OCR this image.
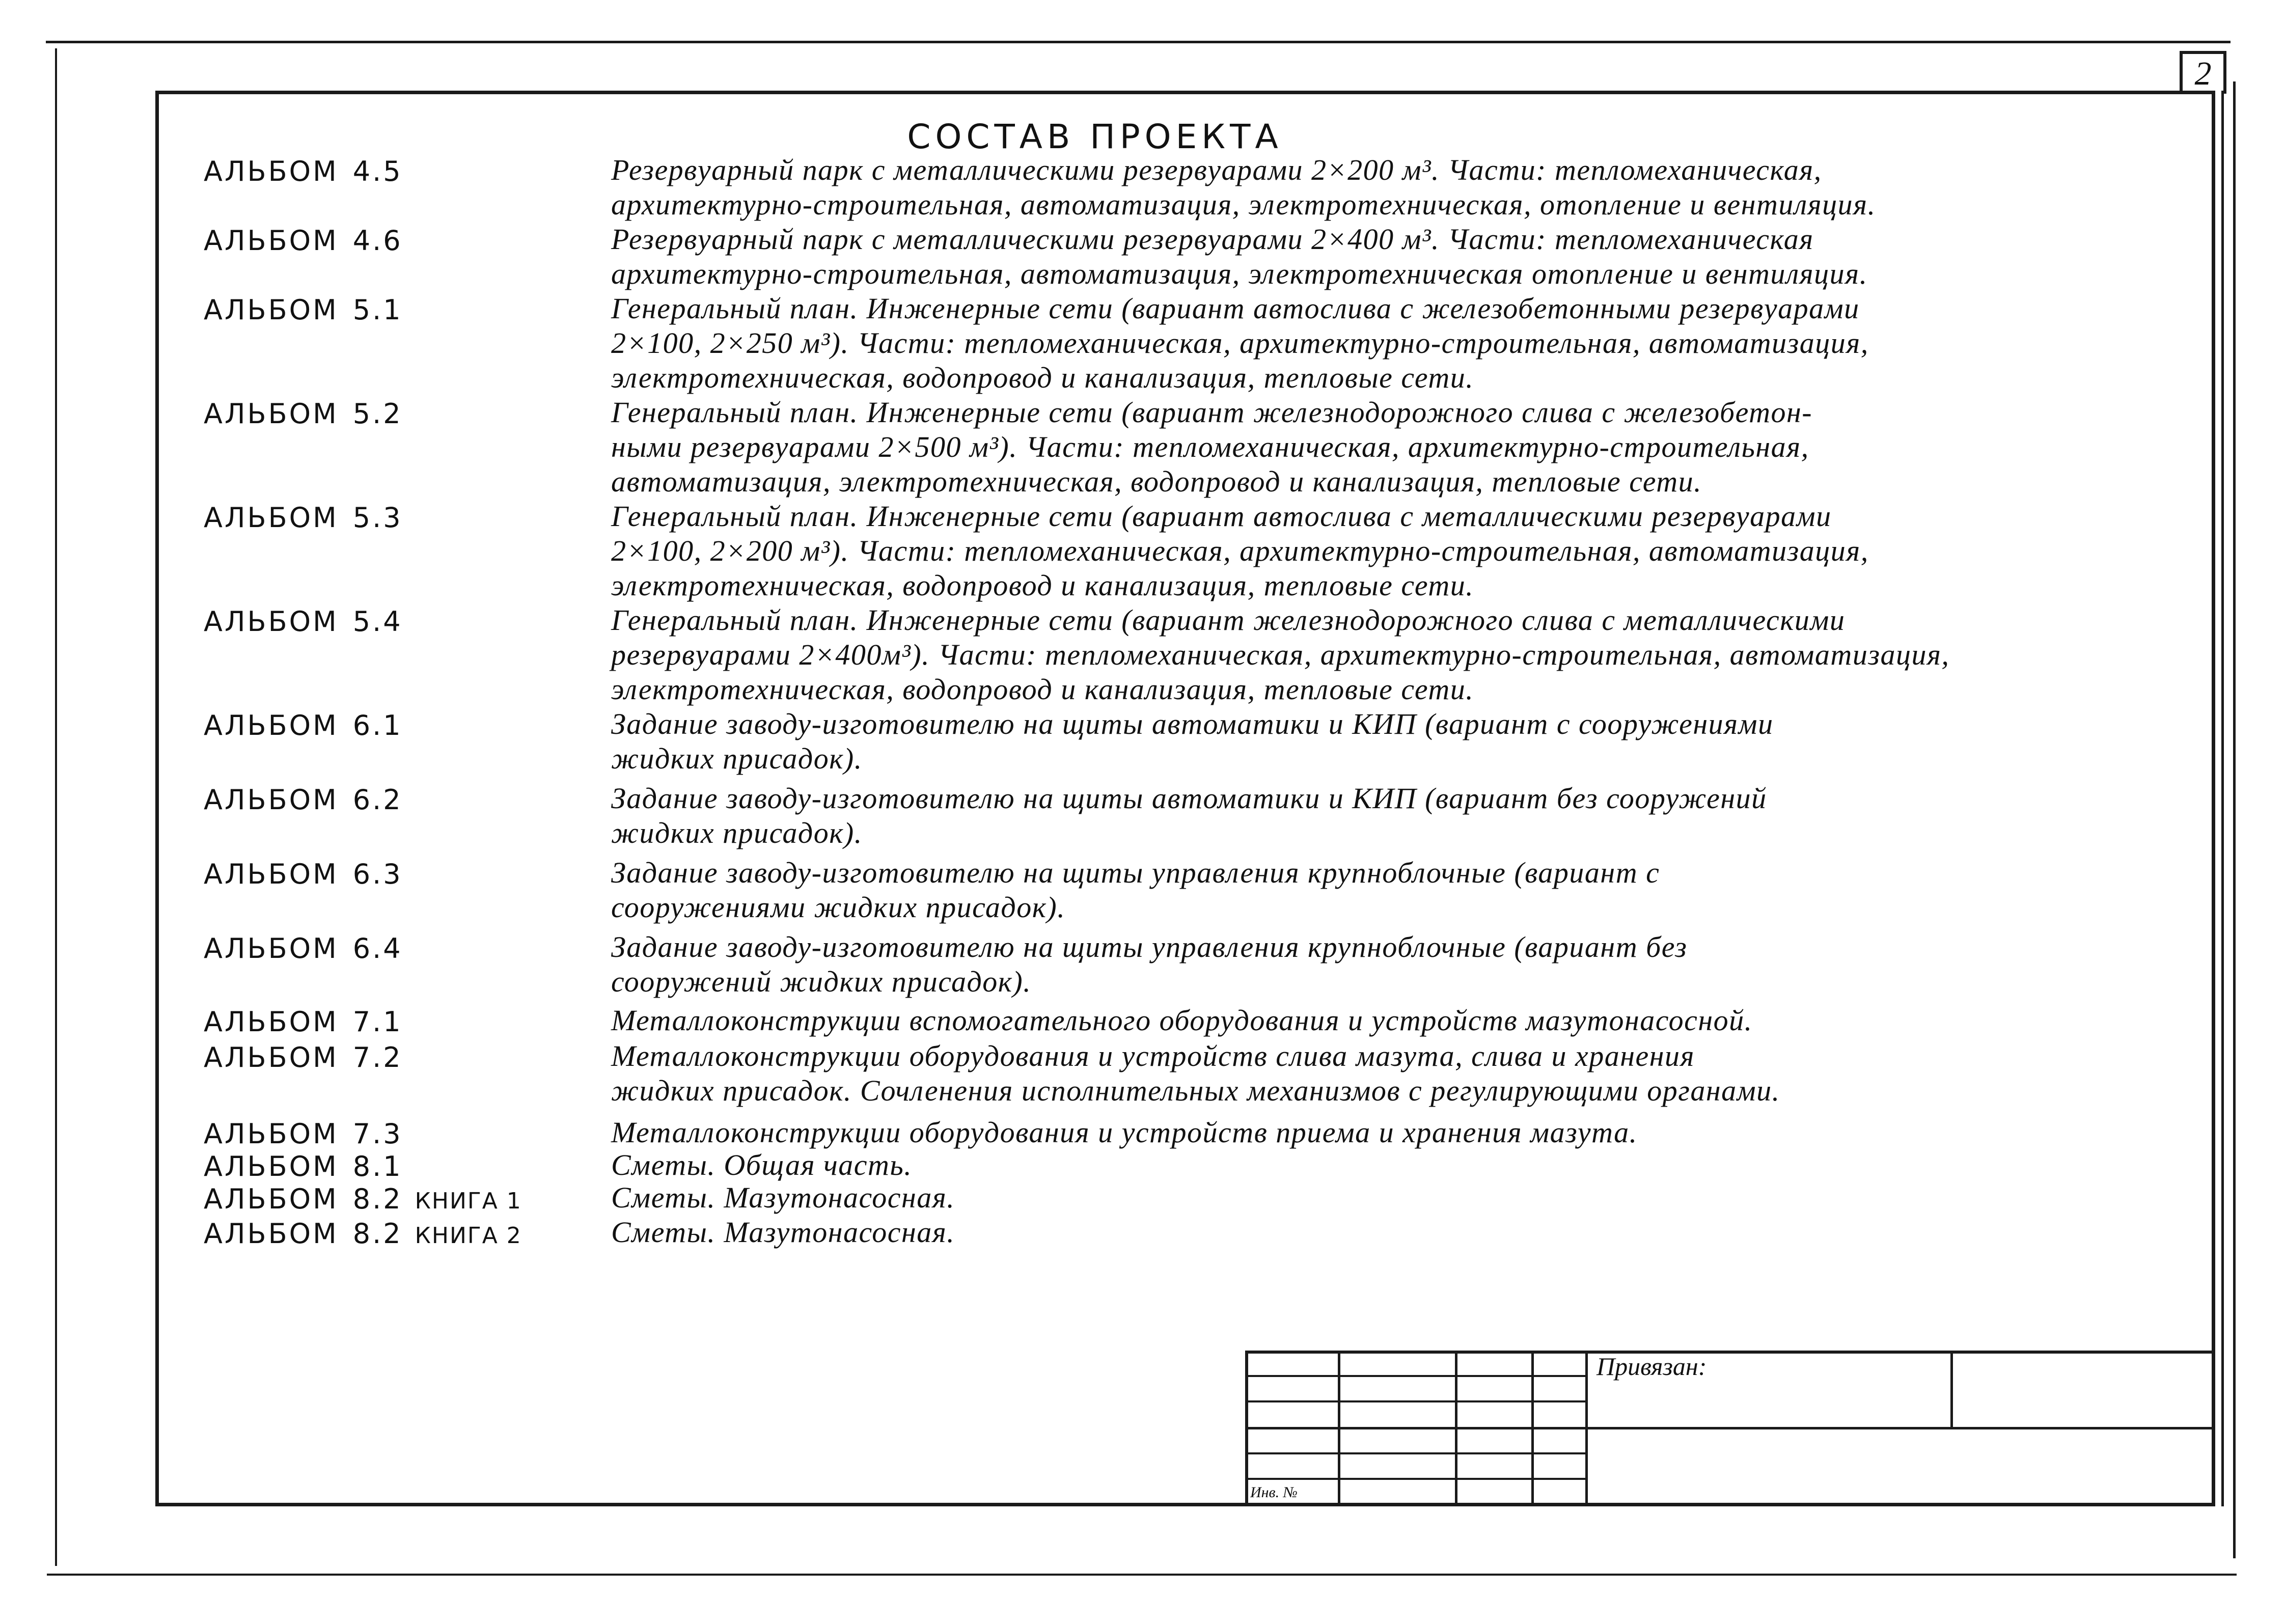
2
СОСТАВ ПРОЕКТА
АЛЬБОМ 4.5	Резервуарный парк с металлическими резервуарами 2×200 м³. Части: тепломеханическая,
архитектурно-строительная, автоматизация, электротехническая, отопление и вентиляция.
АЛЬБОМ 4.6	Резервуарный парк с металлическими резервуарами 2×400 м³. Части: тепломеханическая
архитектурно-строительная, автоматизация, электротехническая отопление и вентиляция.
АЛЬБОМ 5.1	Генеральный план. Инженерные сети (вариант автослива с железобетонными резервуарами
2×100, 2×250 м³). Части: тепломеханическая, архитектурно-строительная, автоматизация,
электротехническая, водопровод и канализация, тепловые сети.
АЛЬБОМ 5.2	Генеральный план. Инженерные сети (вариант железнодорожного слива с железобетон-
ными резервуарами 2×500 м³). Части: тепломеханическая, архитектурно-строительная,
автоматизация, электротехническая, водопровод и канализация, тепловые сети.
АЛЬБОМ 5.3	Генеральный план. Инженерные сети (вариант автослива с металлическими резервуарами
2×100, 2×200 м³). Части: тепломеханическая, архитектурно-строительная, автоматизация,
электротехническая, водопровод и канализация, тепловые сети.
АЛЬБОМ 5.4	Генеральный план. Инженерные сети (вариант железнодорожного слива с металлическими
резервуарами 2×400м³). Части: тепломеханическая, архитектурно-строительная, автоматизация,
электротехническая, водопровод и канализация, тепловые сети.
АЛЬБОМ 6.1	Задание заводу-изготовителю на щиты автоматики и КИП (вариант с сооружениями
жидких присадок).
АЛЬБОМ 6.2	Задание заводу-изготовителю на щиты автоматики и КИП (вариант без сооружений
жидких присадок).
АЛЬБОМ 6.3	Задание заводу-изготовителю на щиты управления крупноблочные (вариант с
сооружениями жидких присадок).
АЛЬБОМ 6.4	Задание заводу-изготовителю на щиты управления крупноблочные (вариант без
сооружений жидких присадок).
АЛЬБОМ 7.1	Металлоконструкции вспомогательного оборудования и устройств мазутонасосной.
АЛЬБОМ 7.2	Металлоконструкции оборудования и устройств слива мазута, слива и хранения
жидких присадок. Сочленения исполнительных механизмов с регулирующими органами.
АЛЬБОМ 7.3	Металлоконструкции оборудования и устройств приема и хранения мазута.
АЛЬБОМ 8.1	Сметы. Общая часть.
АЛЬБОМ 8.2 КНИГА 1	Сметы. Мазутонасосная.
АЛЬБОМ 8.2 КНИГА 2	Сметы. Мазутонасосная.
Привязан:
Инв. №
